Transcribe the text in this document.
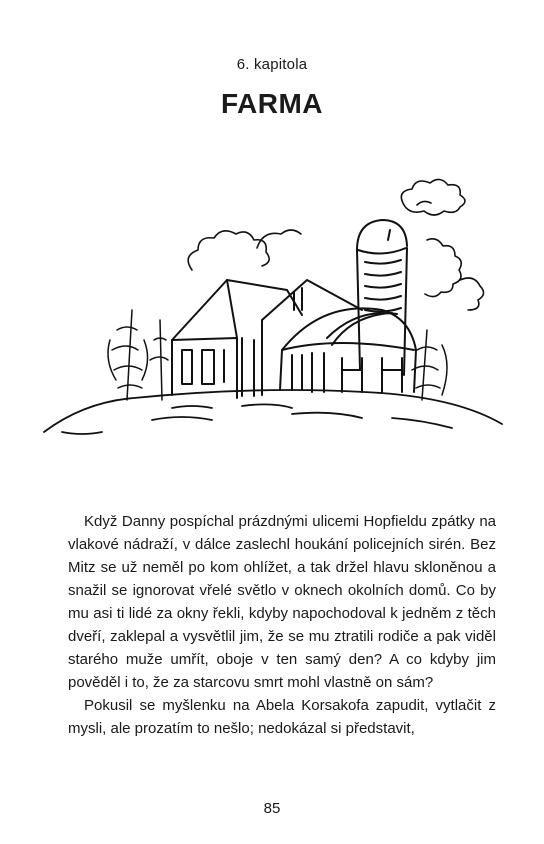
6. kapitola
FARMA

Když Danny pospíchal prázdnými ulicemi Hopfieldu zpátky na vlakové nádraží, v dálce zaslechl houkání policejních sirén. Bez Mitz se už neměl po kom ohlížet, a tak držel hlavu skloněnou a snažil se ignorovat vřelé světlo v oknech okolních domů. Co by mu asi ti lidé za okny řekli, kdyby napochodoval k jedněm z těch dveří, zaklepal a vysvětlil jim, že se mu ztratili rodiče a pak viděl starého muže umřít, oboje v ten samý den? A co kdyby jim pověděl i to, že za starcovu smrt mohl vlastně on sám?

Pokusil se myšlenku na Abela Korsakofa zapudit, vytlačit z mysli, ale prozatím to nešlo; nedokázal si představit,

85
